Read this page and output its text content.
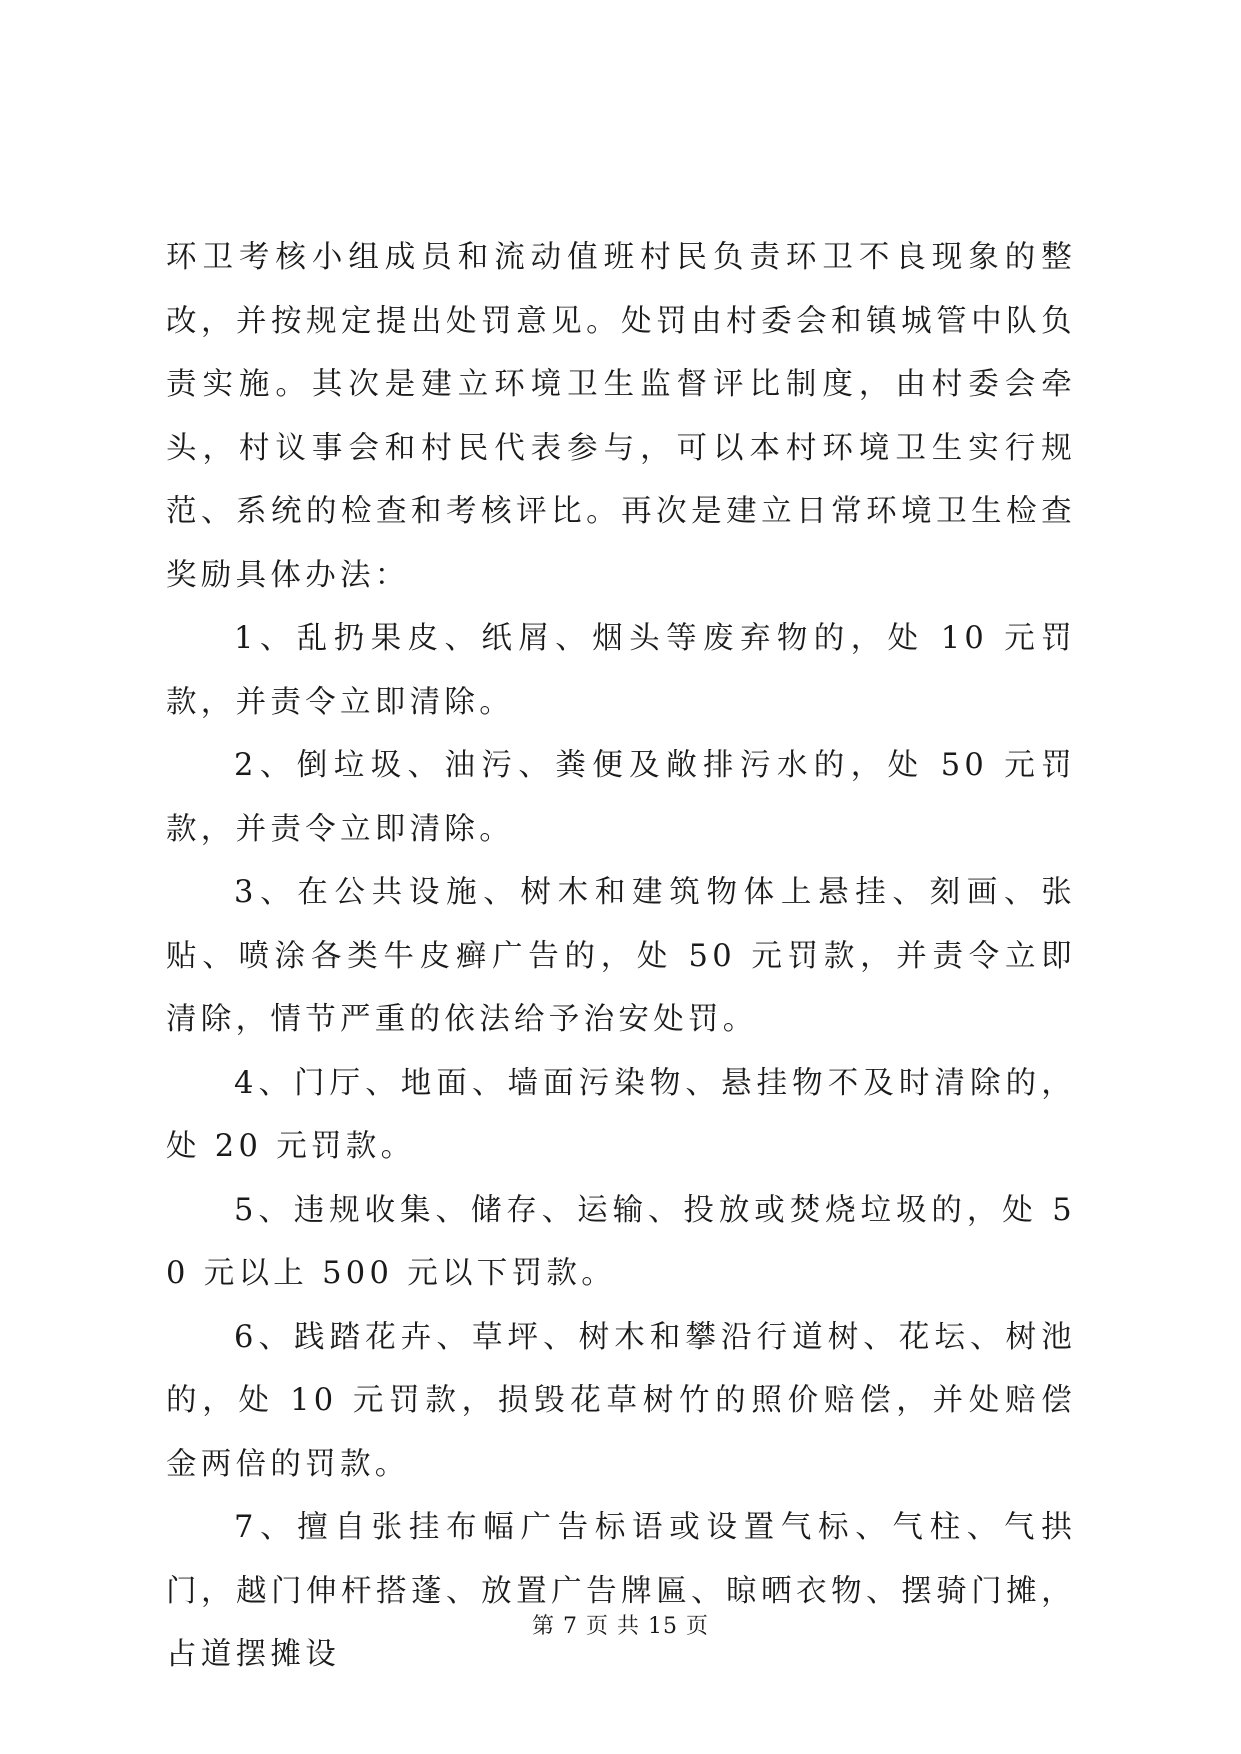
环卫考核小组成员和流动值班村民负责环卫不良现象的整改，并按规定提出处罚意见。处罚由村委会和镇城管中队负责实施。其次是建立环境卫生监督评比制度，由村委会牵头，村议事会和村民代表参与，可以本村环境卫生实行规范、系统的检查和考核评比。再次是建立日常环境卫生检查奖励具体办法：

1、乱扔果皮、纸屑、烟头等废弃物的，处 10 元罚款，并责令立即清除。

2、倒垃圾、油污、粪便及敞排污水的，处 50 元罚款，并责令立即清除。

3、在公共设施、树木和建筑物体上悬挂、刻画、张贴、喷涂各类牛皮癣广告的，处 50 元罚款，并责令立即清除，情节严重的依法给予治安处罚。

4、门厅、地面、墙面污染物、悬挂物不及时清除的，处 20 元罚款。

5、违规收集、储存、运输、投放或焚烧垃圾的，处 50 元以上 500 元以下罚款。

6、践踏花卉、草坪、树木和攀沿行道树、花坛、树池的，处 10 元罚款，损毁花草树竹的照价赔偿，并处赔偿金两倍的罚款。

7、擅自张挂布幅广告标语或设置气标、气柱、气拱门，越门伸杆搭蓬、放置广告牌匾、晾晒衣物、摆骑门摊，占道摆摊设

第 7 页 共 15 页
